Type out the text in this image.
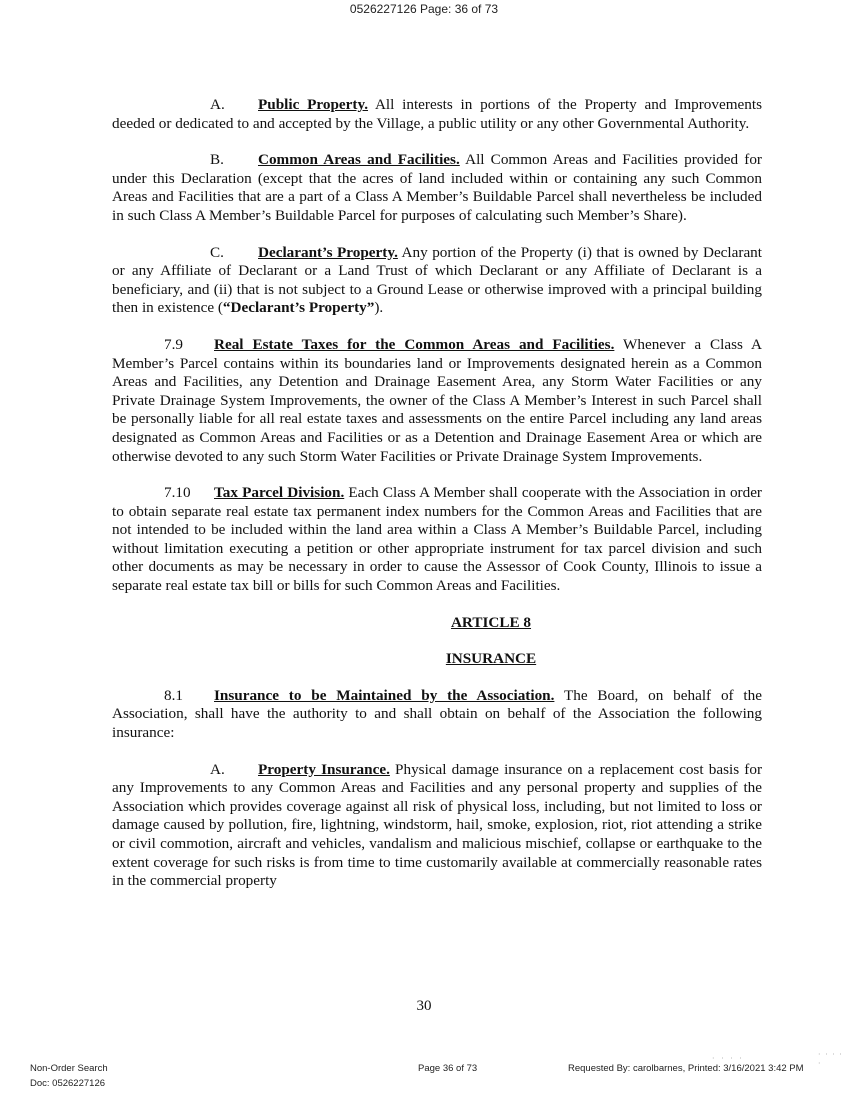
0526227126 Page: 36 of 73

A. Public Property. All interests in portions of the Property and Improvements deeded or dedicated to and accepted by the Village, a public utility or any other Governmental Authority.

B. Common Areas and Facilities. All Common Areas and Facilities provided for under this Declaration (except that the acres of land included within or containing any such Common Areas and Facilities that are a part of a Class A Member’s Buildable Parcel shall nevertheless be included in such Class A Member’s Buildable Parcel for purposes of calculating such Member’s Share).

C. Declarant’s Property. Any portion of the Property (i) that is owned by Declarant or any Affiliate of Declarant or a Land Trust of which Declarant or any Affiliate of Declarant is a beneficiary, and (ii) that is not subject to a Ground Lease or otherwise improved with a principal building then in existence (“Declarant’s Property”).

7.9 Real Estate Taxes for the Common Areas and Facilities. Whenever a Class A Member’s Parcel contains within its boundaries land or Improvements designated herein as a Common Areas and Facilities, any Detention and Drainage Easement Area, any Storm Water Facilities or any Private Drainage System Improvements, the owner of the Class A Member’s Interest in such Parcel shall be personally liable for all real estate taxes and assessments on the entire Parcel including any land areas designated as Common Areas and Facilities or as a Detention and Drainage Easement Area or which are otherwise devoted to any such Storm Water Facilities or Private Drainage System Improvements.

7.10 Tax Parcel Division. Each Class A Member shall cooperate with the Association in order to obtain separate real estate tax permanent index numbers for the Common Areas and Facilities that are not intended to be included within the land area within a Class A Member’s Buildable Parcel, including without limitation executing a petition or other appropriate instrument for tax parcel division and such other documents as may be necessary in order to cause the Assessor of Cook County, Illinois to issue a separate real estate tax bill or bills for such Common Areas and Facilities.

ARTICLE 8

INSURANCE

8.1 Insurance to be Maintained by the Association. The Board, on behalf of the Association, shall have the authority to and shall obtain on behalf of the Association the following insurance:

A. Property Insurance. Physical damage insurance on a replacement cost basis for any Improvements to any Common Areas and Facilities and any personal property and supplies of the Association which provides coverage against all risk of physical loss, including, but not limited to loss or damage caused by pollution, fire, lightning, windstorm, hail, smoke, explosion, riot, riot attending a strike or civil commotion, aircraft and vehicles, vandalism and malicious mischief, collapse or earthquake to the extent coverage for such risks is from time to time customarily available at commercially reasonable rates in the commercial property

30
· · · ·	· · · · ·
Non-Order Search
Doc: 0526227126
Page 36 of 73	Requested By: carolbarnes, Printed: 3/16/2021 3:42 PM
